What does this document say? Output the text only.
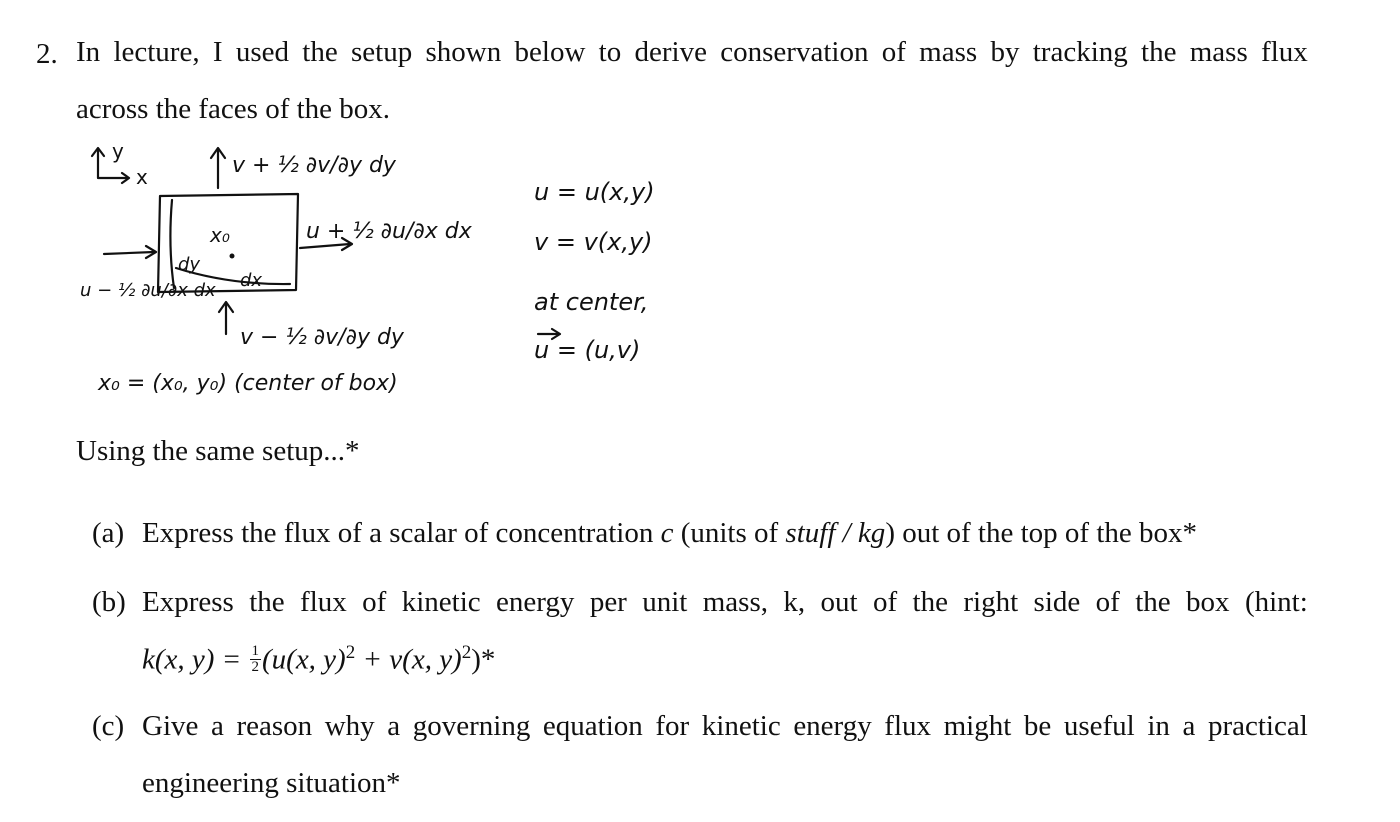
2. In lecture, I used the setup shown below to derive conservation of mass by tracking the mass flux
across the faces of the box.
y
x	v + ½ ∂v/∂y dy
u + ½ ∂u/∂x dx
u − ½ ∂u/∂x dx
v − ½ ∂v/∂y dy
x₀
dy
dx
x₀ = (x₀, y₀) (center of box)
u = u(x,y)
v = v(x,y)
at center,
u = (u,v)
Using the same setup...*
(a) Express the flux of a scalar of concentration c (units of stuff / kg) out of the top of the box*
(b) Express the flux of kinetic energy per unit mass, k, out of the right side of the box (hint:
k(x, $y) = \frac{1}{2} (u(x$, y)$^2$ + v(x, y)$^2$)*
(c) Give a reason why a governing equation for kinetic energy flux might be useful in a practical
engineering situation*
